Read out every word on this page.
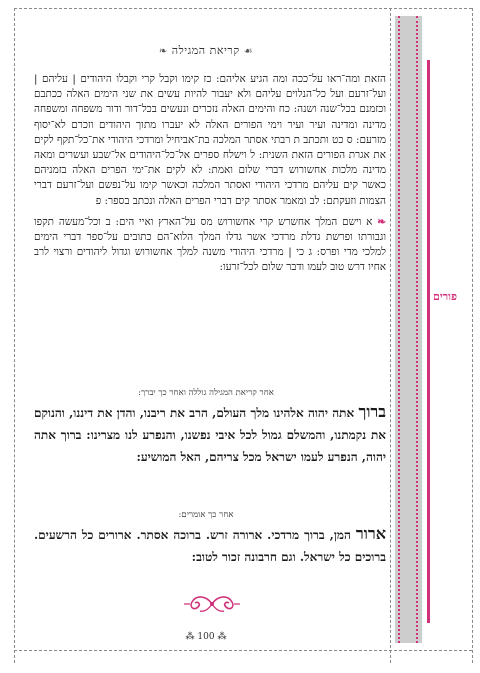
❧ קריאת המגילה ☙

הזאת ומה־ראו על־ככה ומה הגיע אליהם: כז קימו וקבל קרי וקבלו היהודים | עליהם | ועל־זרעם ועל כל־הנלוים עליהם ולא יעבור להיות עשים את שני הימים האלה ככתבם וכזמנם בכל־שנה ושנה: כח והימים האלה נזכרים ונעשים בכל־דור ודור משפחה ומשפחה מדינה ומדינה ועיר ועיר וימי הפורים האלה לא יעברו מתוך היהודים וזכרם לא־יסוף מזרעם: ס כט ותכתב ת רבתי אסתר המלכה בת־אביחיל ומרדכי היהודי את־כל־תקף לקים את אגרת הפורים הזאת השנית: ל וישלח ספרים אל־כל־היהודים אל־שבע ועשרים ומאה מדינה מלכות אחשורוש דברי שלום ואמת: לא לקים את־ימי הפרים האלה בזמניהם כאשר קים עליהם מרדכי היהודי ואסתר המלכה וכאשר קימו על־נפשם ועל־זרעם דברי הצמות וזעקתם: לב ומאמר אסתר קים דברי הפרים האלה ונכתב בספר: פ

❧ א וישם המלך אחשרש קרי אחשורוש מס על־הארץ ואיי הים: ב וכל־מעשה תקפו וגבורתו ופרשת גדלת מרדכי אשר גדלו המלך הלוא־הם כתובים על־ספר דברי הימים למלכי מדי ופרס: ג כי | מרדכי היהודי משנה למלך אחשורוש וגדול ליהודים ורצוי לרב אחיו דרש טוב לעמו ודבר שלום לכל־זרעו:

אחר קריאת המגילה גוללה ואחר כך יברך:
ברוך אתה יהוה אלהינו מלך העולם, הרב את ריבנו, והדן את דיננו, והנוקם את נקמתנו, והמשלם גמול לכל איבי נפשנו, והנפרע לנו מצרינו: ברוך אתה יהוה, הנפרע לעמו ישראל מכל צריהם, האל המושיע:
אחר כך אומרים:
ארור המן, ברוך מרדכי. ארורה זרש. ברוכה אסתר. ארורים כל הרשעים. ברוכים כל ישראל. וגם חרבונה זכור לטוב:
⁂ 100 ⁂
פורים
